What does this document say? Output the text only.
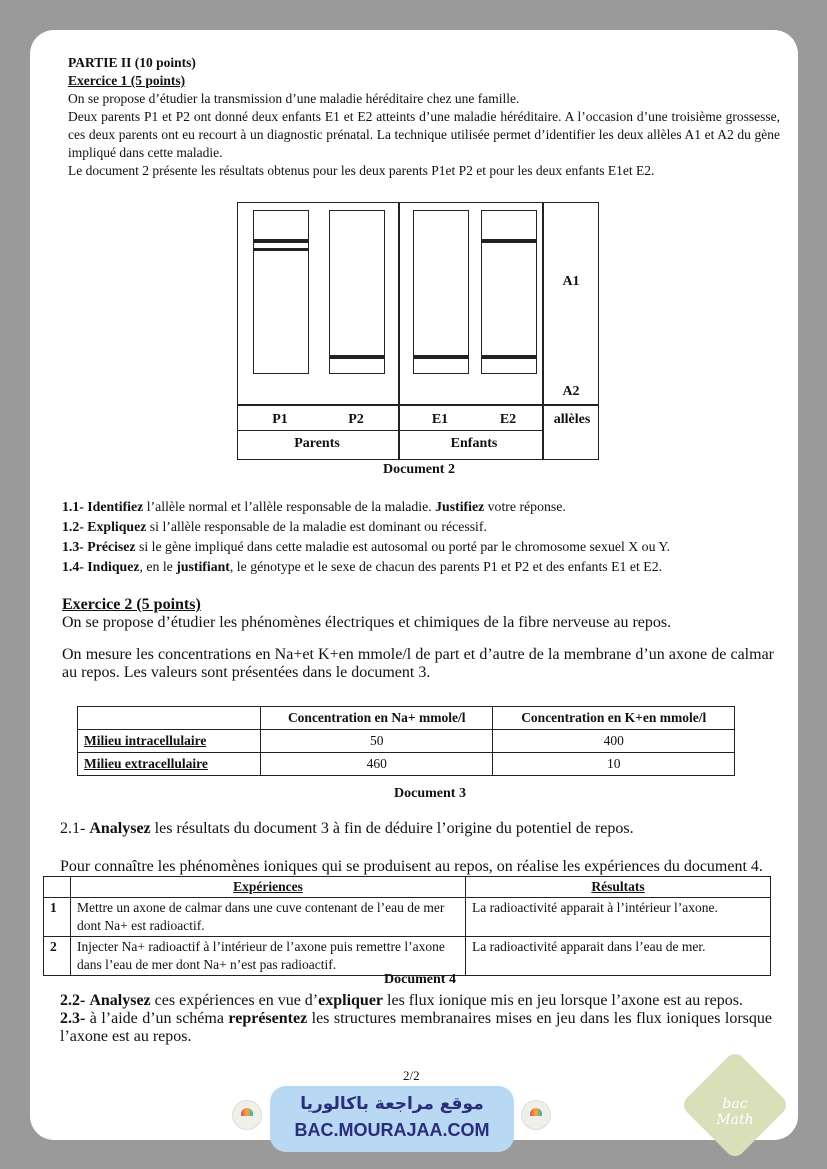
PARTIE II (10 points)

Exercice 1 (5 points)

On se propose d’étudier la transmission d’une maladie héréditaire chez une famille.

Deux parents P1 et P2 ont donné deux enfants E1 et E2 atteints d’une maladie héréditaire. A l’occasion d’une troisième grossesse, ces deux parents ont eu recourt à un diagnostic prénatal. La technique utilisée permet d’identifier les deux allèles A1 et A2 du gène impliqué dans cette maladie.

Le document 2 présente les résultats obtenus pour les deux parents P1et P2 et pour les deux enfants E1et E2.

A1
A2
P1	P2	E1	E2	allèles
Parents	Enfants
Document 2

1.1- Identifiez l’allèle normal et l’allèle responsable de la maladie. Justifiez votre réponse.

1.2- Expliquez si l’allèle responsable de la maladie est dominant ou récessif.

1.3- Précisez si le gène impliqué dans cette maladie est autosomal ou porté par le chromosome sexuel X ou Y.

1.4- Indiquez, en le justifiant, le génotype et le sexe de chacun des parents P1 et P2 et des enfants E1 et E2.

Exercice 2 (5 points)

On se propose d’étudier les phénomènes électriques et chimiques de la fibre nerveuse au repos.

On mesure les concentrations en Na+et K+en mmole/l de part et d’autre de la membrane d’un axone de calmar au repos. Les valeurs sont présentées dans le document 3.

	Concentration en Na+ mmole/l	Concentration en K+en mmole/l
Milieu intracellulaire	50	400
Milieu extracellulaire	460	10
Document 3

2.1- Analysez les résultats du document 3 à fin de déduire l’origine du potentiel de repos.

Pour connaître les phénomènes ioniques qui se produisent au repos, on réalise les expériences du document 4.

	Expériences	Résultats
1	Mettre un axone de calmar dans une cuve contenant de l’eau de mer dont Na+ est radioactif.	La radioactivité apparait à l’intérieur l’axone.
2	Injecter Na+ radioactif à l’intérieur de l’axone puis remettre l’axone dans l’eau de mer dont Na+ n’est pas radioactif.	La radioactivité apparait dans l’eau de mer.
Document 4

2.2- Analysez ces expériences en vue d’expliquer les flux ionique mis en jeu lorsque l’axone est au repos.

2.3- à l’aide d’un schéma représentez les structures membranaires mises en jeu dans les flux ioniques lorsque l’axone est au repos.

2/2
موقع مراجعة باكالوريا
BAC.MOURAJAA.COM
bac Math
